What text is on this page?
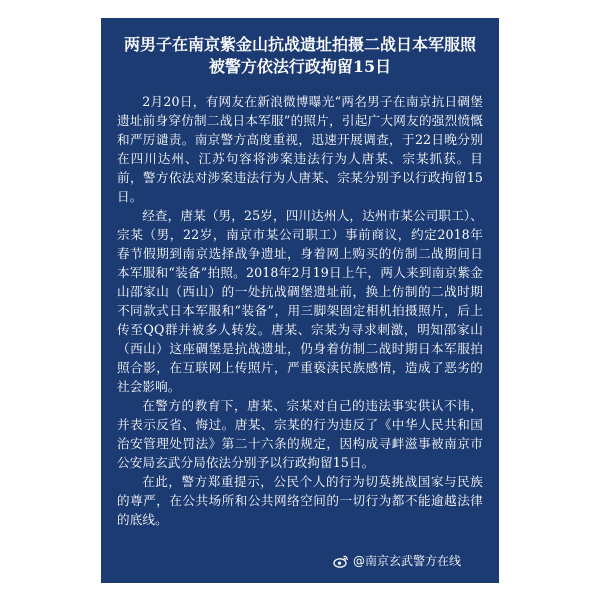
两男子在南京紫金山抗战遗址拍摄二战日本军服照
被警方依法行政拘留15日

2月20日，有网友在新浪微博曝光“两名男子在南京抗日碉堡遗址前身穿仿制二战日本军服”的照片，引起广大网友的强烈愤慨和严厉谴责。南京警方高度重视，迅速开展调查，于22日晚分别在四川达州、江苏句容将涉案违法行为人唐某、宗某抓获。目前，警方依法对涉案违法行为人唐某、宗某分别予以行政拘留15日。

经查，唐某（男，25岁，四川达州人，达州市某公司职工）、宗某（男，22岁，南京市某公司职工）事前商议，约定2018年春节假期到南京选择战争遗址，身着网上购买的仿制二战期间日本军服和“装备”拍照。2018年2月19日上午，两人来到南京紫金山邵家山（西山）的一处抗战碉堡遗址前，换上仿制的二战时期不同款式日本军服和“装备”，用三脚架固定相机拍摄照片，后上传至QQ群并被多人转发。唐某、宗某为寻求刺激，明知邵家山（西山）这座碉堡是抗战遗址，仍身着仿制二战时期日本军服拍照合影，在互联网上传照片，严重亵渎民族感情，造成了恶劣的社会影响。

在警方的教育下，唐某、宗某对自己的违法事实供认不讳，并表示反省、悔过。唐某、宗某的行为违反了《中华人民共和国治安管理处罚法》第二十六条的规定，因构成寻衅滋事被南京市公安局玄武分局依法分别予以行政拘留15日。

在此，警方郑重提示，公民个人的行为切莫挑战国家与民族的尊严，在公共场所和公共网络空间的一切行为都不能逾越法律的底线。

@南京玄武警方在线
